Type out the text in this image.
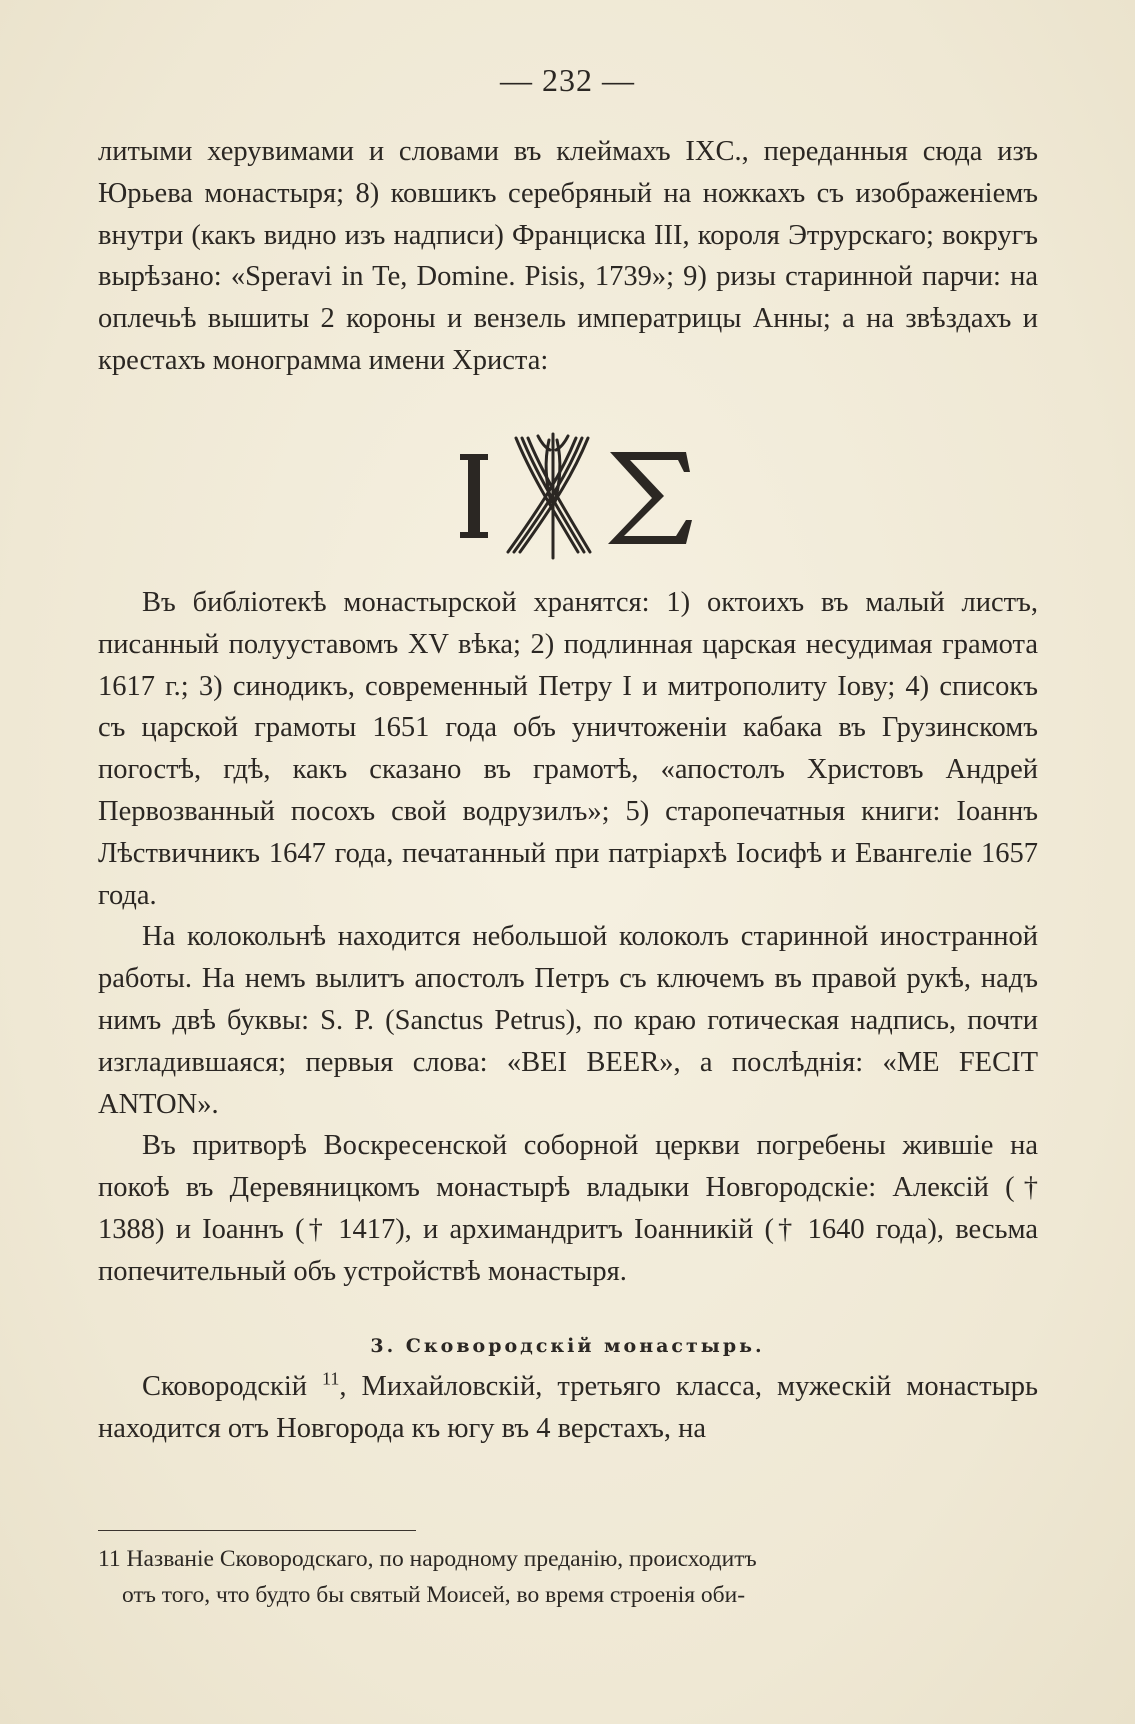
— 232 —

литыми херувимами и словами въ клеймахъ IXC., переданныя сюда изъ Юрьева монастыря; 8) ковшикъ серебряный на ножкахъ съ изображеніемъ внутри (какъ видно изъ надписи) Франциска III, короля Этрурскаго; вокругъ вырѣзано: «Speravi in Te, Domine. Pisis, 1739»; 9) ризы старинной парчи: на оплечьѣ вышиты 2 короны и вензель императрицы Анны; а на звѣздахъ и крестахъ монограмма имени Христа:

Въ библіотекѣ монастырской хранятся: 1) октоихъ въ малый листъ, писанный полууставомъ XV вѣка; 2) подлинная царская несудимая грамота 1617 г.; 3) синодикъ, современный Петру I и митрополиту Іову; 4) списокъ съ царской грамоты 1651 года объ уничтоженіи кабака въ Грузинскомъ погостѣ, гдѣ, какъ сказано въ грамотѣ, «апостолъ Христовъ Андрей Первозванный посохъ свой водрузилъ»; 5) старопечатныя книги: Іоаннъ Лѣствичникъ 1647 года, печатанный при патріархѣ Іосифѣ и Евангеліе 1657 года.

На колокольнѣ находится небольшой колоколъ старинной иностранной работы. На немъ вылитъ апостолъ Петръ съ ключемъ въ правой рукѣ, надъ нимъ двѣ буквы: S. P. (Sanctus Petrus), по краю готическая надпись, почти изгладившаяся; первыя слова: «BEI BEER», а послѣднія: «ME FECIT ANTON».

Въ притворѣ Воскресенской соборной церкви погребены жившіе на покоѣ въ Деревяницкомъ монастырѣ владыки Новгородскіе: Алексій († 1388) и Іоаннъ († 1417), и архимандритъ Іоанникій († 1640 года), весьма попечительный объ устройствѣ монастыря.

3. Сковородскій монастырь.

Сковородскій $^{11}$, Михайловскій, третьяго класса, мужескій монастырь находится отъ Новгорода къ югу въ 4 верстахъ, на

11 Названіе Сковородскаго, по народному преданію, происходитъ

отъ того, что будто бы святый Моисей, во время строенія оби-
